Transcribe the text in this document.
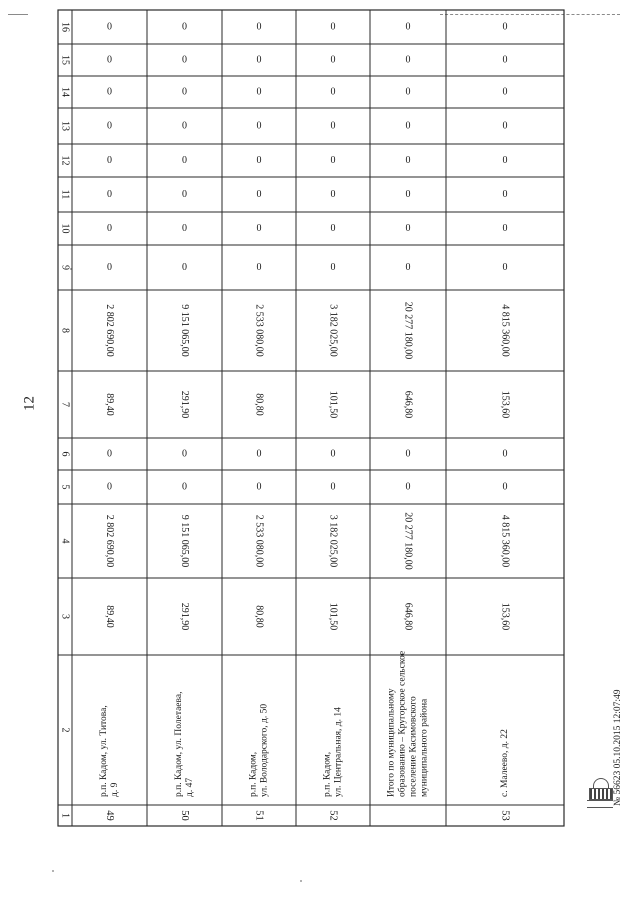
12
1
2
3
4
5
6
7
8
9
10
11
12
13
14
15
16
49
р.п. Кадом, ул. Титова, д. 9
89,40
2 802 690,00
0
0
89,40
2 802 690,00
0
0
0
0
0
0
0
0
50
р.п. Кадом, ул. Полетаева, д. 47
291,90
9 151 065,00
0
0
291,90
9 151 065,00
0
0
0
0
0
0
0
0
51
р.п. Кадом, ул. Володарского, д. 50
80,80
2 533 080,00
0
0
80,80
2 533 080,00
0
0
0
0
0
0
0
0
52
р.п. Кадом, ул. Центральная, д. 14
101,50
3 182 025,00
0
0
101,50
3 182 025,00
0
0
0
0
0
0
0
0
Итого по муниципальному образованию – Кругорское сельское поселение Касимовского муниципального района
646,80
20 277 180,00
0
0
646,80
20 277 180,00
0
0
0
0
0
0
0
0
53
с. Малеево, д. 22
153,60
4 815 360,00
0
0
153,60
4 815 360,00
0
0
0
0
0
0
0
0
№ 56623 05.10.2015 12:07:49
